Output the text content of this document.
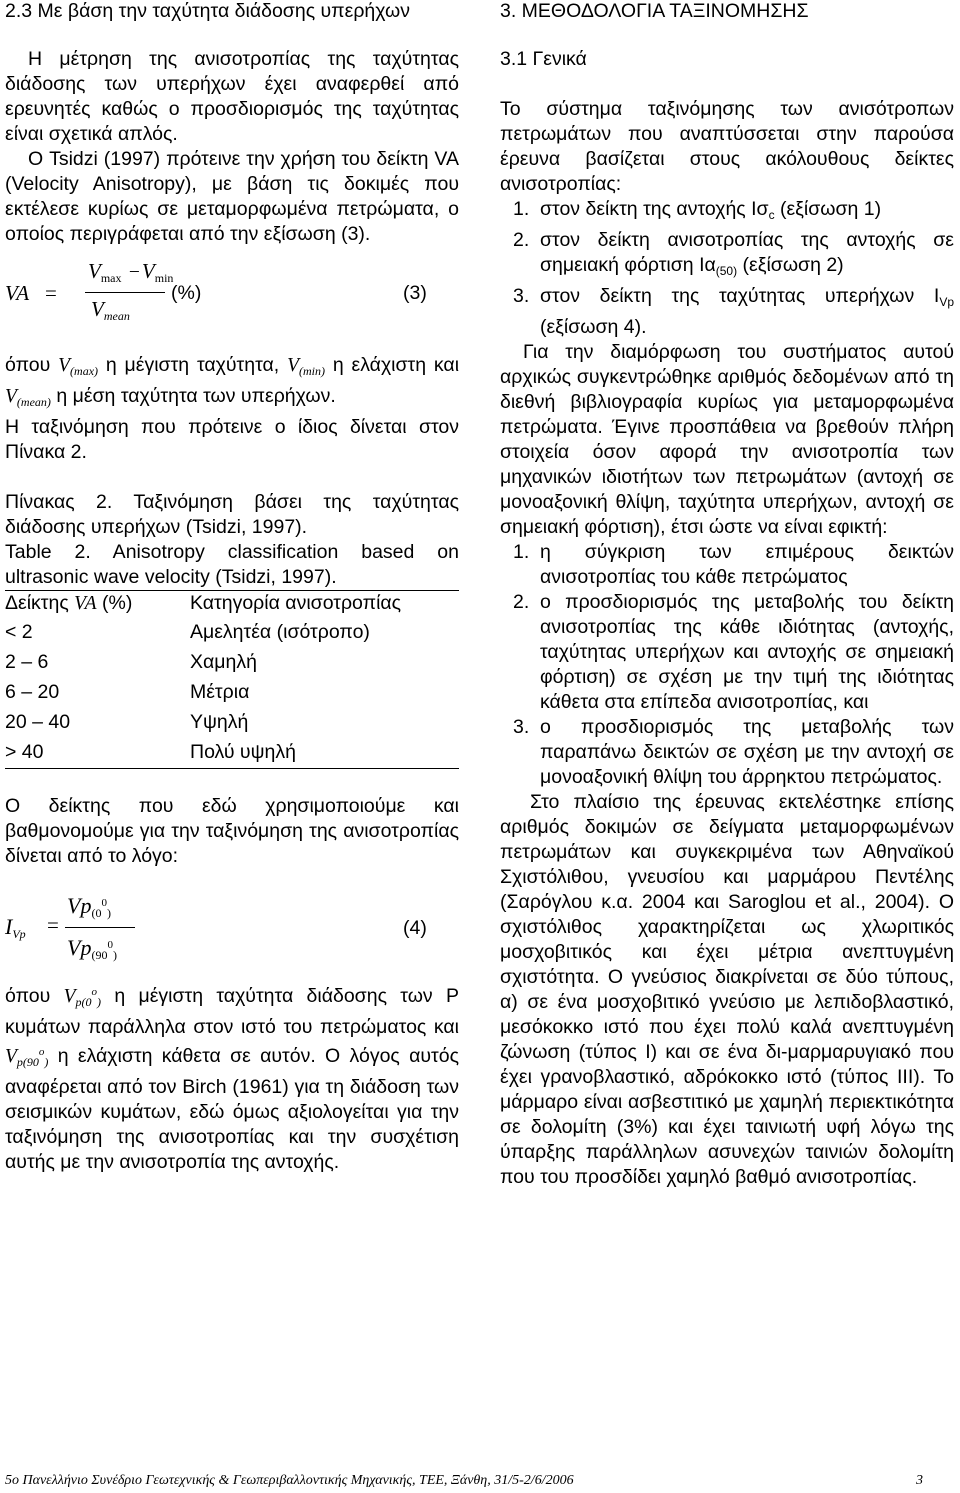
2.3 Με βάση την ταχύτητα διάδοσης υπερήχων

Η μέτρηση της ανισοτροπίας της ταχύτητας διάδοσης των υπερήχων έχει αναφερθεί από ερευνητές καθώς ο προσδιορισμός της ταχύτητας είναι σχετικά απλός.

Ο Tsidzi (1997) πρότεινε την χρήση του δείκτη VA (Velocity Anisotropy), με βάση τις δοκιμές που εκτέλεσε κυρίως σε μεταμορφωμένα πετρώματα, ο οποίος περιγράφεται από την εξίσωση (3).

VA =
$V_{max} -V_{min}$
$V_{mean}$
(%)	(3)

όπου $V_{(max)}$ η μέγιστη ταχύτητα, $V_{(min)}$ η ελάχιστη και $V_{(mean)}$ η μέση ταχύτητα των υπερήχων.

Η ταξινόμηση που πρότεινε ο ίδιος δίνεται στον Πίνακα 2.

Πίνακας 2. Ταξινόμηση βάσει της ταχύτητας διάδοσης υπερήχων (Tsidzi, 1997).

Table 2. Anisotropy classification based on ultrasonic wave velocity (Tsidzi, 1997).

Δείκτης VA (%)	Κατηγορία ανισοτροπίας
< 2	Αμελητέα (ισότροπο)
2 – 6	Χαμηλή
6 – 20	Μέτρια
20 – 40	Υψηλή
> 40	Πολύ υψηλή

Ο δείκτης που εδώ χρησιμοποιούμε και βαθμονομούμε για την ταξινόμηση της ανισοτροπίας δίνεται από το λόγο:

$I_{Vp}$ =
$Vp_{(0}^0_)$
$Vp_{(90}^0_)$
(4)

όπου $V_{p(0}^o_)$ η μέγιστη ταχύτητα διάδοσης των P κυμάτων παράλληλα στον ιστό του πετρώματος και $V_{p(90}^o_)$ η ελάχιστη κάθετα σε αυτόν. Ο λόγος αυτός αναφέρεται από τον Birch (1961) για τη διάδοση των σεισμικών κυμάτων, εδώ όμως αξιολογείται για την ταξινόμηση της ανισοτροπίας και την συσχέτιση αυτής με την ανισοτροπία της αντοχής.

3. ΜΕΘΟΔΟΛΟΓΙΑ ΤΑΞΙΝΟΜΗΣΗΣ

3.1 Γενικά

Το σύστημα ταξινόμησης των ανισότροπων πετρωμάτων που αναπτύσσεται στην παρούσα έρευνα βασίζεται στους ακόλουθους δείκτες ανισοτροπίας:

1. στον δείκτη της αντοχής $I\sigma_c$ (εξίσωση 1)
2. στον δείκτη ανισοτροπίας της αντοχής σε σημειακή φόρτιση $I\alpha_{(50)}$ (εξίσωση 2)
3. στον δείκτη της ταχύτητας υπερήχων $I_{Vp}$ (εξίσωση 4).

Για την διαμόρφωση του συστήματος αυτού αρχικώς συγκεντρώθηκε αριθμός δεδομένων από τη διεθνή βιβλιογραφία κυρίως για μεταμορφωμένα πετρώματα. Έγινε προσπάθεια να βρεθούν πλήρη στοιχεία όσον αφορά την ανισοτροπία των μηχανικών ιδιοτήτων των πετρωμάτων (αντοχή σε μονοαξονική θλίψη, ταχύτητα υπερήχων, αντοχή σε σημειακή φόρτιση), έτσι ώστε να είναι εφικτή:

1. η σύγκριση των επιμέρους δεικτών ανισοτροπίας του κάθε πετρώματος
2. ο προσδιορισμός της μεταβολής του δείκτη ανισοτροπίας της κάθε ιδιότητας (αντοχής, ταχύτητας υπερήχων και αντοχής σε σημειακή φόρτιση) σε σχέση με την τιμή της ιδιότητας κάθετα στα επίπεδα ανισοτροπίας, και
3. ο προσδιορισμός της μεταβολής των παραπάνω δεικτών σε σχέση με την αντοχή σε μονοαξονική θλίψη του άρρηκτου πετρώματος.

Στο πλαίσιο της έρευνας εκτελέστηκε επίσης αριθμός δοκιμών σε δείγματα μεταμορφωμένων πετρωμάτων και συγκεκριμένα των Αθηναϊκού Σχιστόλιθου, γνευσίου και μαρμάρου Πεντέλης (Σαρόγλου κ.α. 2004 και Saroglou et al., 2004). Ο σχιστόλιθος χαρακτηρίζεται ως χλωριτικός μοσχοβιτικός και έχει μέτρια ανεπτυγμένη σχιστότητα. Ο γνεύσιος διακρίνεται σε δύο τύπους, α) σε ένα μοσχοβιτικό γνεύσιο με λεπιδοβλαστικό, μεσόκοκκο ιστό που έχει πολύ καλά ανεπτυγμένη ζώνωση (τύπος Ι) και σε ένα δι-μαρμαρυγιακό που έχει γρανοβλαστικό, αδρόκοκκο ιστό (τύπος ΙΙΙ). Το μάρμαρο είναι ασβεστιτικό με χαμηλή περιεκτικότητα σε δολομίτη (3%) και έχει ταινιωτή υφή λόγω της ύπαρξης παράλληλων ασυνεχών ταινιών δολομίτη που του προσδίδει χαμηλό βαθμό ανισοτροπίας.

5ο Πανελλήνιο Συνέδριο Γεωτεχνικής & Γεωπεριβαλλοντικής Μηχανικής, ΤΕΕ, Ξάνθη, 31/5-2/6/2006	3
